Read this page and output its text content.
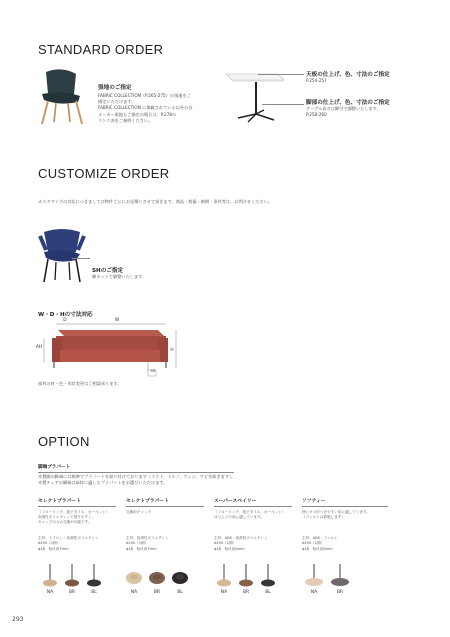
STANDARD ORDER
張地のご指定
FABRIC COLLECTION（P.265-275）の張地をご
指定いただけます。
FABRIC COLLECTION に掲載されている以外の各
メーカー張地もご指定の場合は、P.278の
ランク表をご参照ください。
天板の仕上げ、色、寸法のご指定
P.254-257
脚部の仕上げ、色、寸法のご指定
テーブル高さは脚付で調整いたします。
P.258-260
CUSTOMIZE ORDER
カスタマイズの対応につきましては物件ごとにお見積りさせて頂きます。商品・数量・納期・条件等は、お問合せください。
SHのご指定
脚カットで調整いたします。
W・D・Hの寸法対応
D	W
AH
H
SH
部材の材・色・形状変更はご相談承ります。
OPTION
脚端プラパート
木製脚の脚端には標準でプラパートを取り付けております（ラスト、トルノ、ウィン、ワビを除きます）。
木製チェアの脚端は床材に適したプラパートをお選びいただけます。
セレクトプラパート
（フローリング、塩ビタイル、カーペット）
高滑性ポリエチレンで滑りやすく、
キャップのみの交換が可能です。
主材：ナイロン・高滑性ポリエチレン
¥400（1個）
φ18　取付高7mm
セレクトプラパート
交換用キャップ
主材：高滑性ポリエチレン
¥200（1個）
φ18　取付高7mm
スーパースベイリー
（フローリング、塩ビタイル、カーペット）
ほとんどの床に適しています。
主材：ABS・高滑性ポリエチレン
¥400（1個）
φ18　取付高6mm
ソフティー
特にキズがつきやすい床に適しています。
（フェルトは着脱します）
主材：ABS・フェルト
¥400（1個）
φ18　取付高8mm
NA	BR	BL	NA	BR	BL	NA	BR	BL	NA	BR
293
